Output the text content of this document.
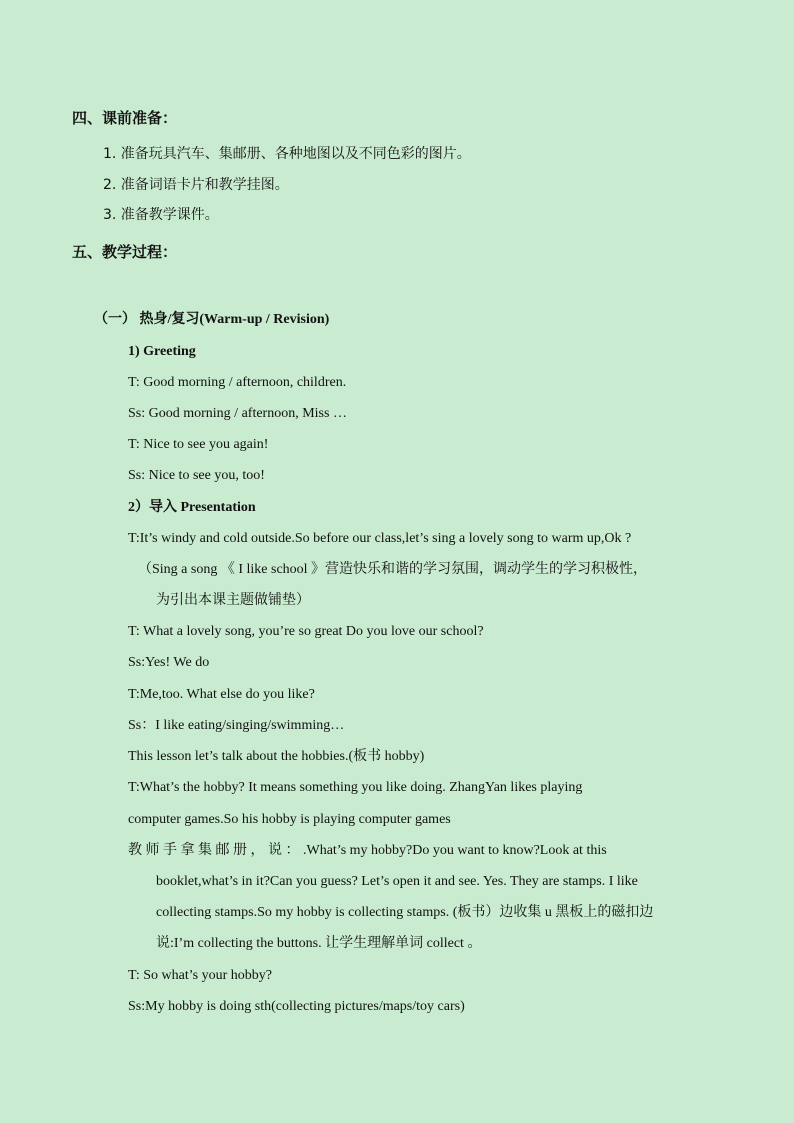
四、课前准备：
1. 准备玩具汽车、集邮册、各种地图以及不同色彩的图片。
2. 准备词语卡片和教学挂图。
3. 准备教学课件。
五、教学过程：
（一） 热身/复习(Warm-up / Revision)
1) Greeting
T: Good morning / afternoon, children.
Ss: Good morning / afternoon, Miss …
T: Nice to see you again!
Ss: Nice to see you, too!
2）导入 Presentation
T:It’s windy and cold outside.So before our class,let’s sing a lovely song to warm up,Ok ?
（Sing a song 《 I like school 》营造快乐和谐的学习氛围，调动学生的学习积极性，
为引出本课主题做铺垫）
T: What a lovely song, you’re so great Do you love our school?
Ss:Yes! We do
T:Me,too. What else do you like?
Ss：I like eating/singing/swimming…
This lesson let’s talk about the hobbies.(板书 hobby)
T:What’s the hobby? It means something you like doing. ZhangYan likes playing
computer games.So his hobby is playing computer games
教 师 手 拿 集 邮 册 ， 说 ： .What’s my hobby?Do you want to know?Look at this
booklet,what’s in it?Can you guess? Let’s open it and see. Yes. They are stamps. I like
collecting stamps.So my hobby is collecting stamps. (板书）边收集 u 黑板上的磁扣边
说:I’m collecting the buttons. 让学生理解单词 collect 。
T: So what’s your hobby?
Ss:My hobby is doing sth(collecting pictures/maps/toy cars)
